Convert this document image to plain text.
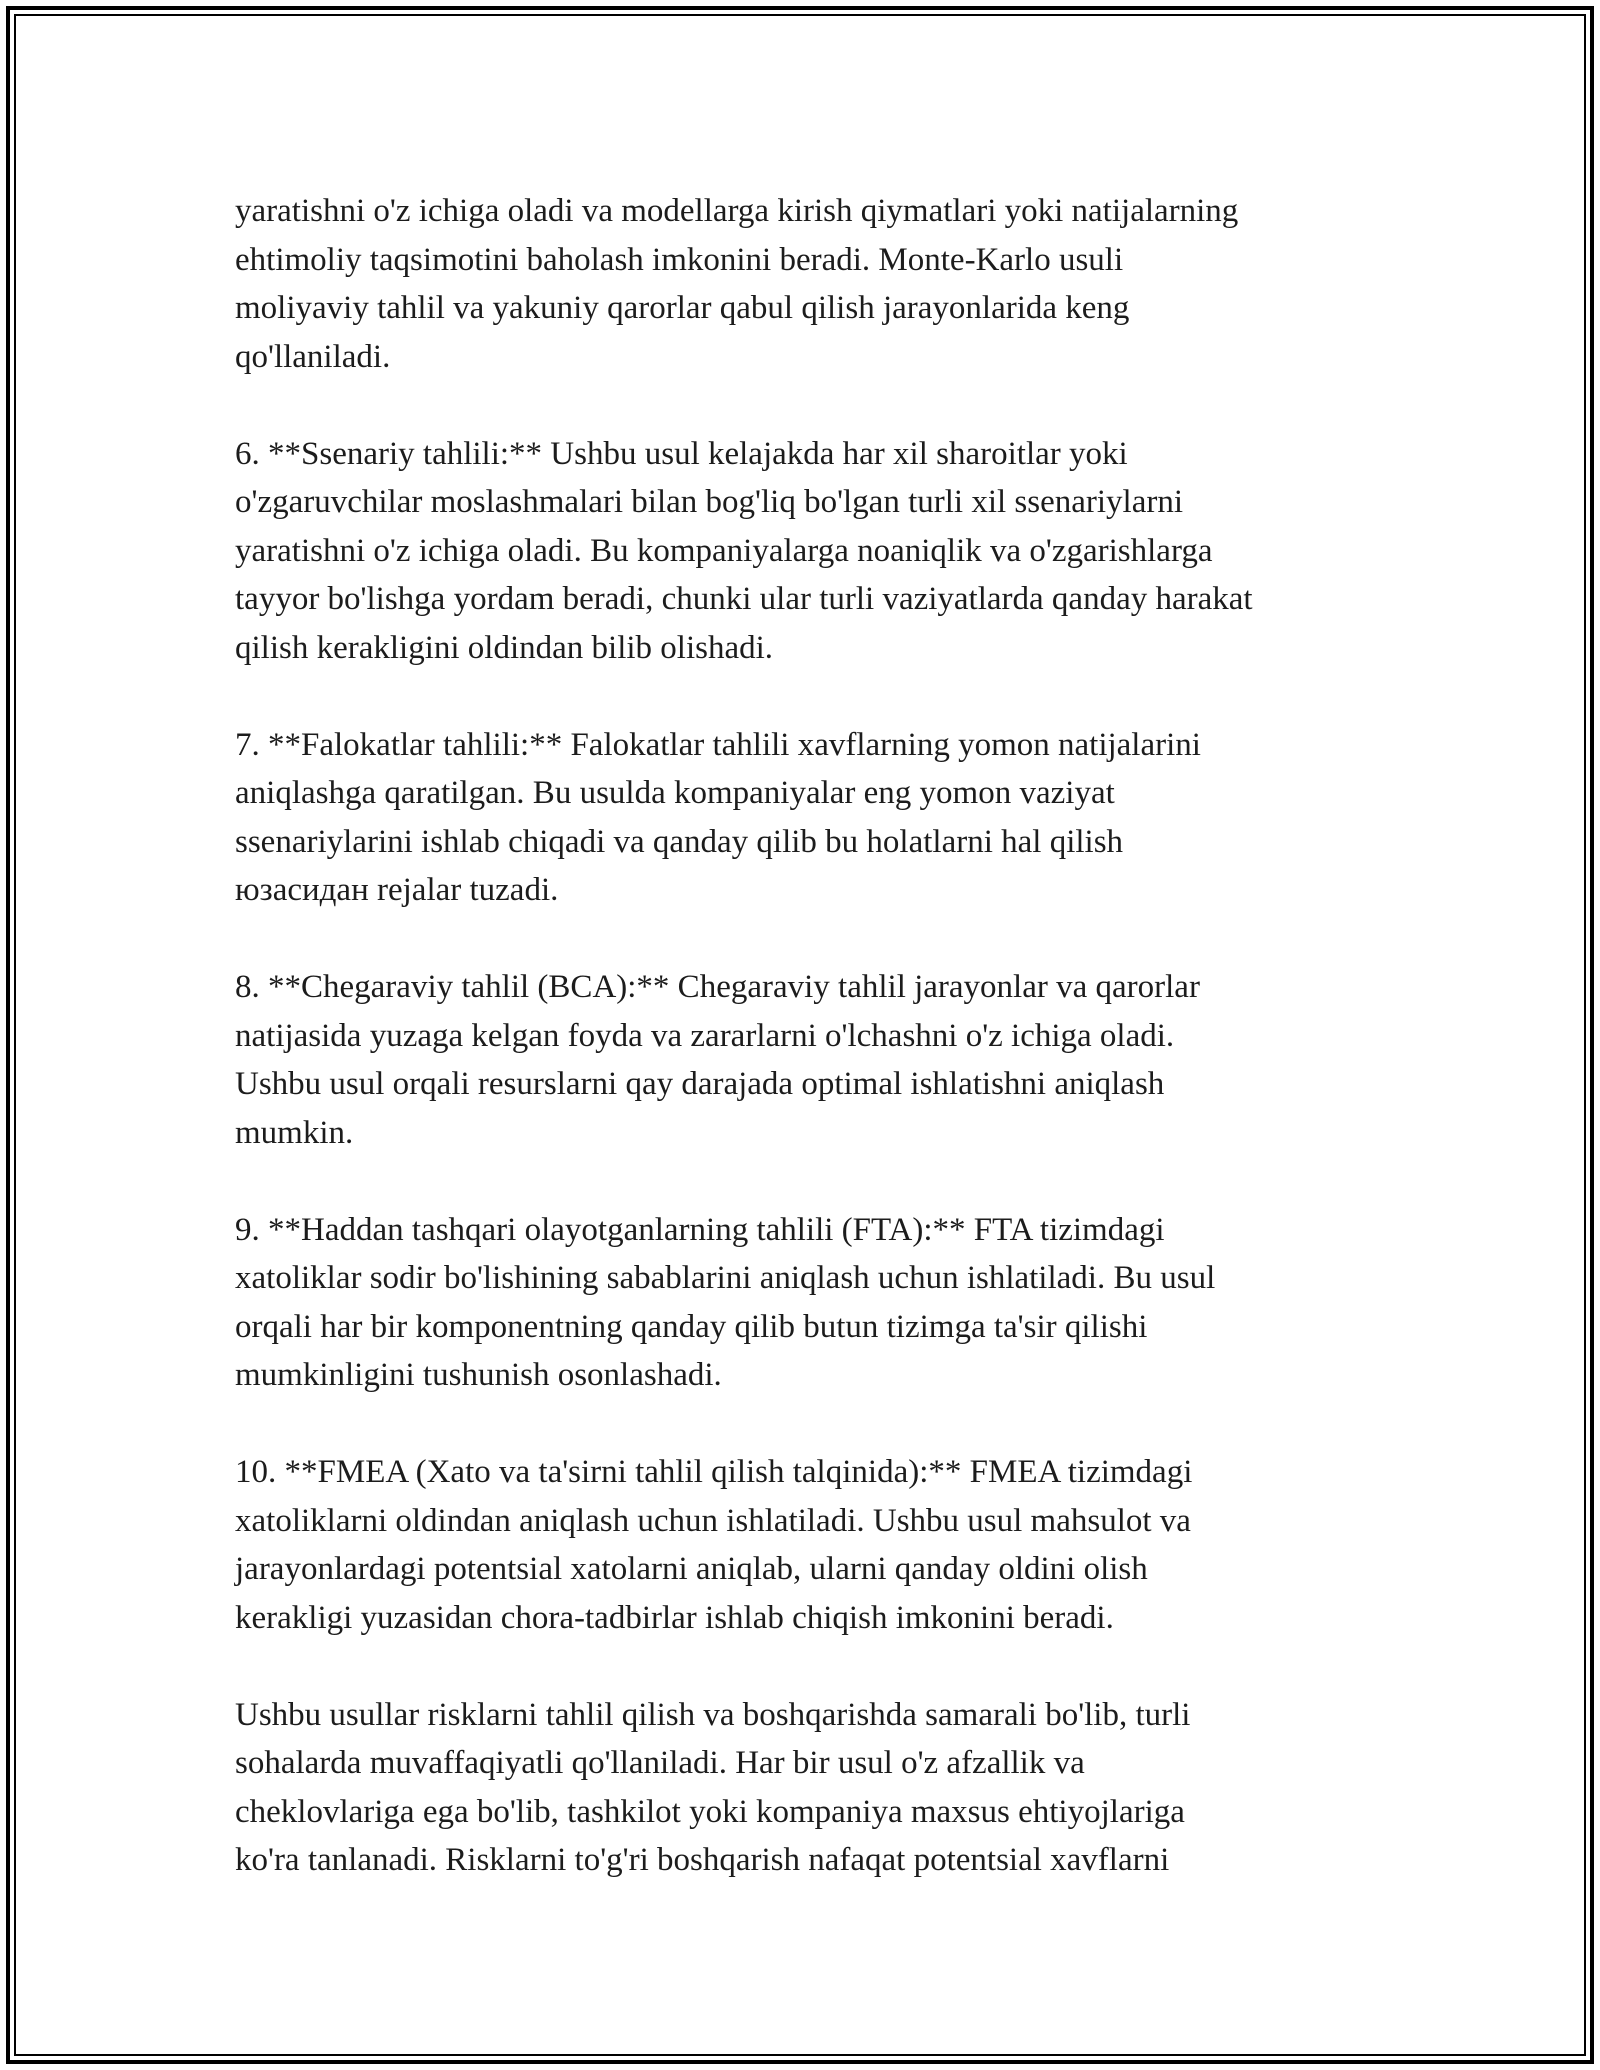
yaratishni o'z ichiga oladi va modellarga kirish qiymatlari yoki natijalarning
ehtimoliy taqsimotini baholash imkonini beradi. Monte-Karlo usuli
moliyaviy tahlil va yakuniy qarorlar qabul qilish jarayonlarida keng
qo'llaniladi.

6. **Ssenariy tahlili:** Ushbu usul kelajakda har xil sharoitlar yoki
o'zgaruvchilar moslashmalari bilan bog'liq bo'lgan turli xil ssenariylarni
yaratishni o'z ichiga oladi. Bu kompaniyalarga noaniqlik va o'zgarishlarga
tayyor bo'lishga yordam beradi, chunki ular turli vaziyatlarda qanday harakat
qilish kerakligini oldindan bilib olishadi.

7. **Falokatlar tahlili:** Falokatlar tahlili xavflarning yomon natijalarini
aniqlashga qaratilgan. Bu usulda kompaniyalar eng yomon vaziyat
ssenariylarini ishlab chiqadi va qanday qilib bu holatlarni hal qilish
юзасидан rejalar tuzadi.

8. **Chegaraviy tahlil (BCA):** Chegaraviy tahlil jarayonlar va qarorlar
natijasida yuzaga kelgan foyda va zararlarni o'lchashni o'z ichiga oladi.
Ushbu usul orqali resurslarni qay darajada optimal ishlatishni aniqlash
mumkin.

9. **Haddan tashqari olayotganlarning tahlili (FTA):** FTA tizimdagi
xatoliklar sodir bo'lishining sabablarini aniqlash uchun ishlatiladi. Bu usul
orqali har bir komponentning qanday qilib butun tizimga ta'sir qilishi
mumkinligini tushunish osonlashadi.

10. **FMEA (Xato va ta'sirni tahlil qilish talqinida):** FMEA tizimdagi
xatoliklarni oldindan aniqlash uchun ishlatiladi. Ushbu usul mahsulot va
jarayonlardagi potentsial xatolarni aniqlab, ularni qanday oldini olish
kerakligi yuzasidan chora-tadbirlar ishlab chiqish imkonini beradi.

Ushbu usullar risklarni tahlil qilish va boshqarishda samarali bo'lib, turli
sohalarda muvaffaqiyatli qo'llaniladi. Har bir usul o'z afzallik va
cheklovlariga ega bo'lib, tashkilot yoki kompaniya maxsus ehtiyojlariga
ko'ra tanlanadi. Risklarni to'g'ri boshqarish nafaqat potentsial xavflarni
